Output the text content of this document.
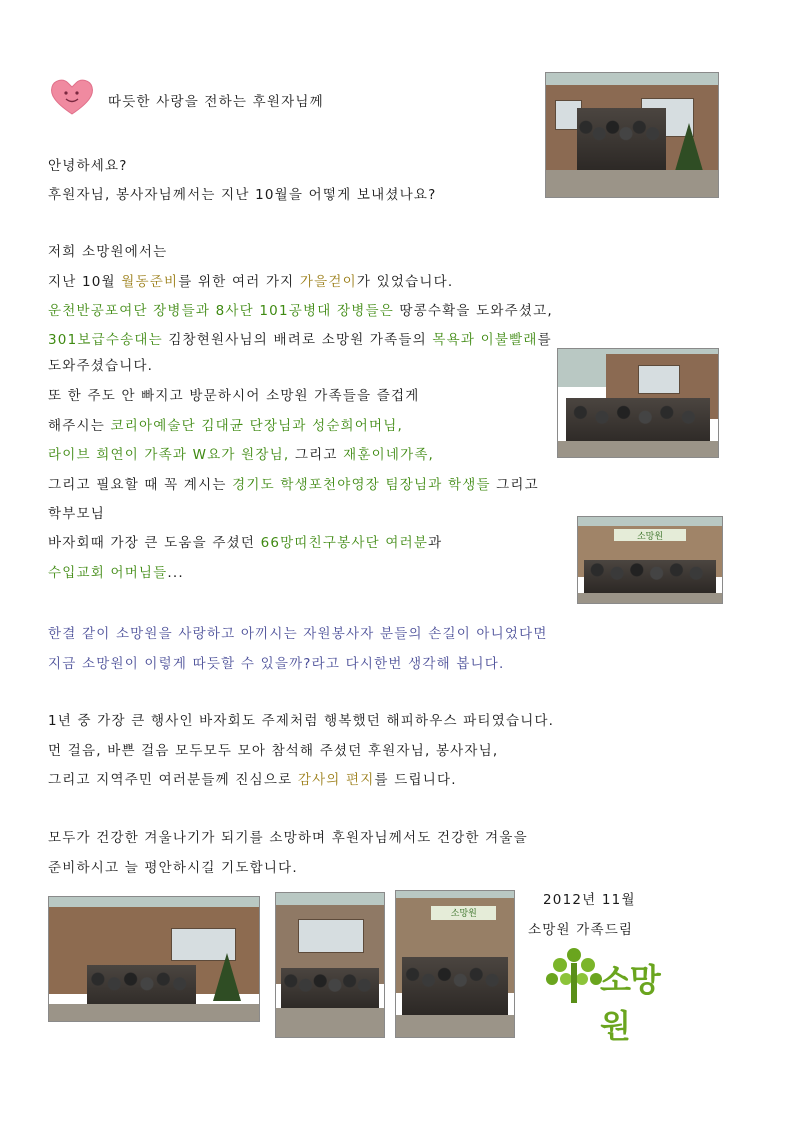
따듯한 사랑을 전하는 후원자님께
안녕하세요?
후원자님, 봉사자님께서는 지난 10월을 어떻게 보내셨나요?
저희 소망원에서는
지난 10월 월동준비를 위한 여러 가지 가을걷이가 있었습니다.
운천반공포여단 장병들과 8사단 101공병대 장병들은 땅콩수확을 도와주셨고,
301보급수송대는 김창현원사님의 배려로 소망원 가족들의 목욕과 이불빨래를
도와주셨습니다.
또 한 주도 안 빠지고 방문하시어 소망원 가족들을 즐겁게
해주시는 코리아예술단 김대균 단장님과 성순희어머님,
라이브 희연이 가족과 W요가 원장님, 그리고 재훈이네가족,
그리고 필요할 때 꼭 계시는 경기도 학생포천야영장 팀장님과 학생들 그리고
학부모님
바자회때 가장 큰 도움을 주셨던 66망띠친구봉사단 여러분과
수입교회 어머님들...
소망원
한결 같이 소망원을 사랑하고 아끼시는 자원봉사자 분들의 손길이 아니었다면
지금 소망원이 이렇게 따듯할 수 있을까?라고 다시한번 생각해 봅니다.
1년 중 가장 큰 행사인 바자회도 주제처럼 행복했던 해피하우스 파티였습니다.
먼 걸음, 바쁜 걸음 모두모두 모아 참석해 주셨던 후원자님, 봉사자님,
그리고 지역주민 여러분들께 진심으로 감사의 편지를 드립니다.
모두가 건강한 겨울나기가 되기를 소망하며 후원자님께서도 건강한 겨울을
준비하시고 늘 평안하시길 기도합니다.
소망원
2012년 11월
소망원 가족드림
소망원
